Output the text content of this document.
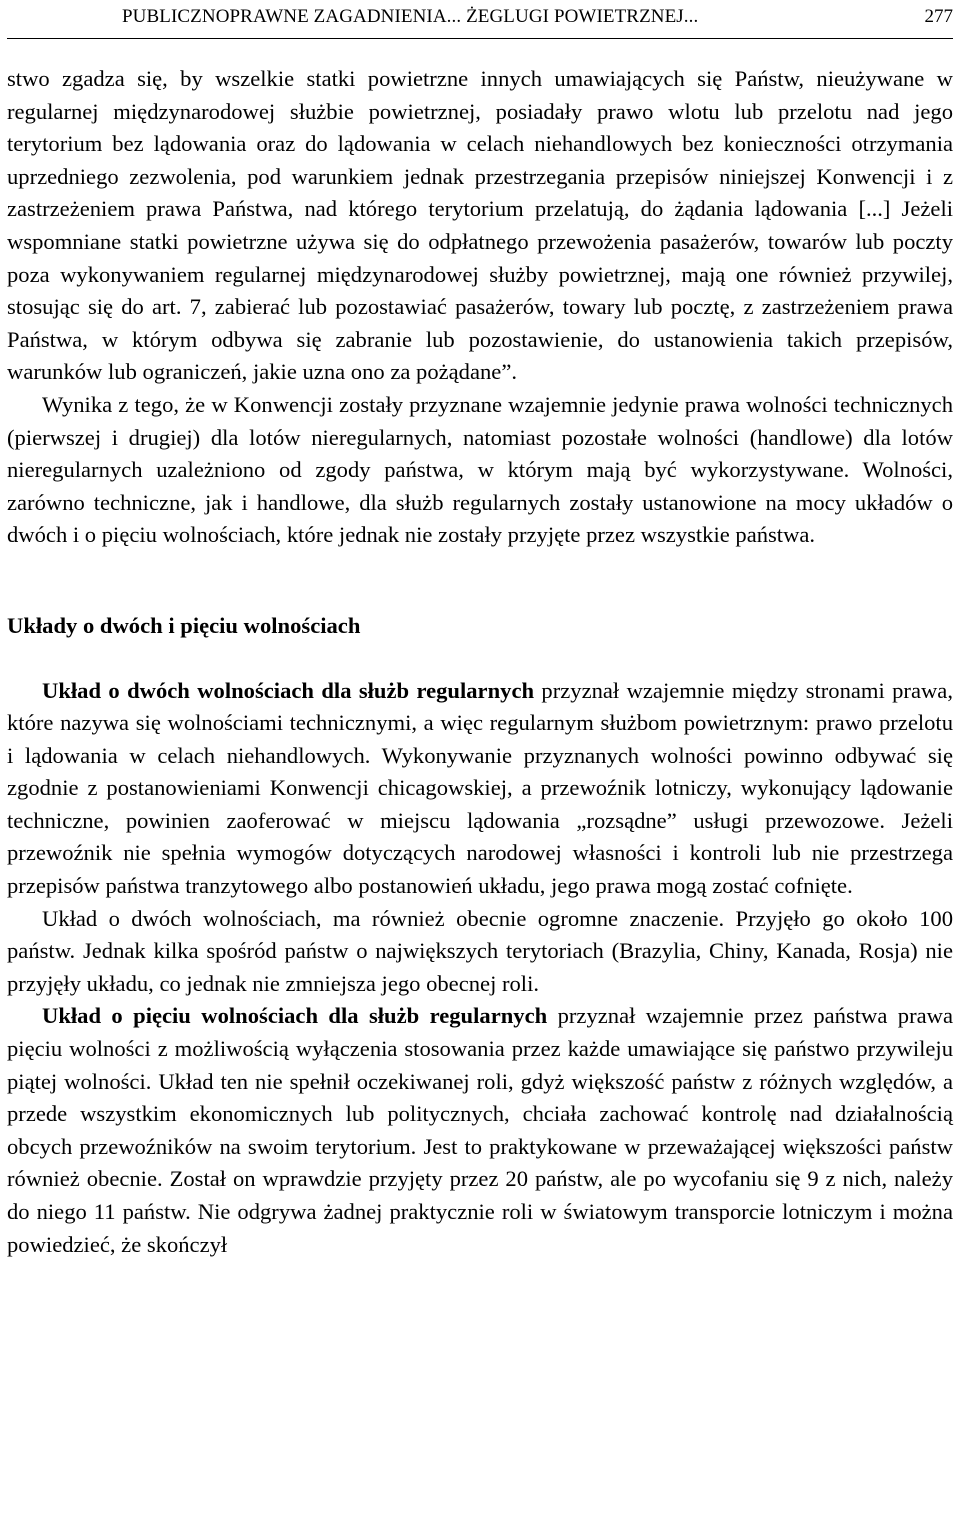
PUBLICZNOPRAWNE ZAGADNIENIA... ŻEGLUGI POWIETRZNEJ...	277

stwo zgadza się, by wszelkie statki powietrzne innych umawiających się Państw, nieużywane w regularnej międzynarodowej służbie powietrznej, posiadały prawo wlotu lub przelotu nad jego terytorium bez lądowania oraz do lądowania w celach niehandlowych bez konieczności otrzymania uprzedniego zezwolenia, pod warunkiem jednak przestrzegania przepisów niniejszej Konwencji i z zastrzeżeniem prawa Państwa, nad którego terytorium przelatują, do żądania lądowania [...] Jeżeli wspomniane statki powietrzne używa się do odpłatnego przewożenia pasażerów, towarów lub poczty poza wykonywaniem regularnej międzynarodowej służby powietrznej, mają one również przywilej, stosując się do art. 7, zabierać lub pozostawiać pasażerów, towary lub pocztę, z zastrzeżeniem prawa Państwa, w którym odbywa się zabranie lub pozostawienie, do ustanowienia takich przepisów, warunków lub ograniczeń, jakie uzna ono za pożądane”.

Wynika z tego, że w Konwencji zostały przyznane wzajemnie jedynie prawa wolności technicznych (pierwszej i drugiej) dla lotów nieregularnych, natomiast pozostałe wolności (handlowe) dla lotów nieregularnych uzależniono od zgody państwa, w którym mają być wykorzystywane. Wolności, zarówno techniczne, jak i handlowe, dla służb regularnych zostały ustanowione na mocy układów o dwóch i o pięciu wolnościach, które jednak nie zostały przyjęte przez wszystkie państwa.

Układy o dwóch i pięciu wolnościach

Układ o dwóch wolnościach dla służb regularnych przyznał wzajemnie między stronami prawa, które nazywa się wolnościami technicznymi, a więc regularnym służbom powietrznym: prawo przelotu i lądowania w celach niehandlowych. Wykonywanie przyznanych wolności powinno odbywać się zgodnie z postanowieniami Konwencji chicagowskiej, a przewoźnik lotniczy, wykonujący lądowanie techniczne, powinien zaoferować w miejscu lądowania „rozsądne” usługi przewozowe. Jeżeli przewoźnik nie spełnia wymogów dotyczących narodowej własności i kontroli lub nie przestrzega przepisów państwa tranzytowego albo postanowień układu, jego prawa mogą zostać cofnięte.

Układ o dwóch wolnościach, ma również obecnie ogromne znaczenie. Przyjęło go około 100 państw. Jednak kilka spośród państw o największych terytoriach (Brazylia, Chiny, Kanada, Rosja) nie przyjęły układu, co jednak nie zmniejsza jego obecnej roli.

Układ o pięciu wolnościach dla służb regularnych przyznał wzajemnie przez państwa prawa pięciu wolności z możliwością wyłączenia stosowania przez każde umawiające się państwo przywileju piątej wolności. Układ ten nie spełnił oczekiwanej roli, gdyż większość państw z różnych względów, a przede wszystkim ekonomicznych lub politycznych, chciała zachować kontrolę nad działalnością obcych przewoźników na swoim terytorium. Jest to praktykowane w przeważającej większości państw również obecnie. Został on wprawdzie przyjęty przez 20 państw, ale po wycofaniu się 9 z nich, należy do niego 11 państw. Nie odgrywa żadnej praktycznie roli w światowym transporcie lotniczym i można powiedzieć, że skończył
